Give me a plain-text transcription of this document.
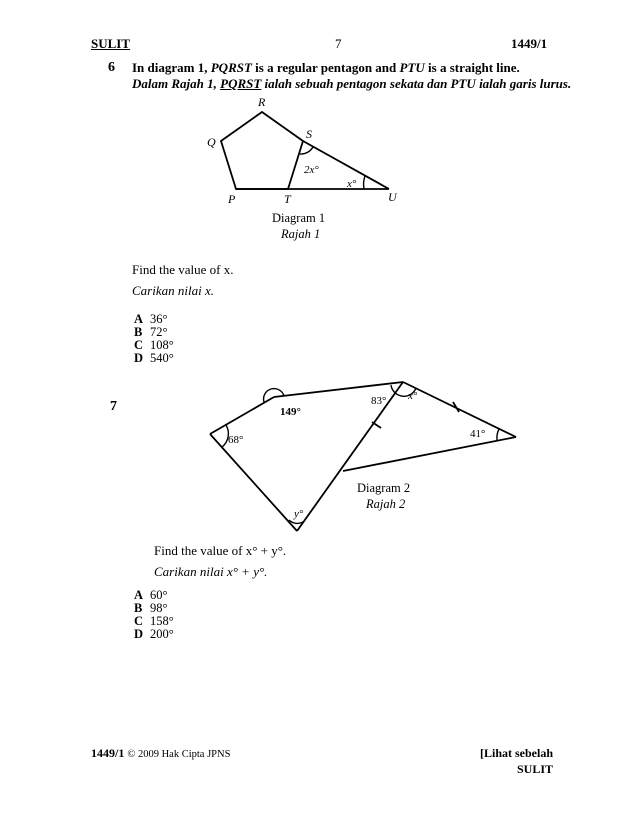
SULIT	7	1449/1
6 In diagram 1, PQRST is a regular pentagon and PTU is a straight line.
Dalam Rajah 1, PQRST ialah sebuah pentagon sekata dan PTU ialah garis lurus.
R
Q
S
P	T	U
2x°
x°
Diagram 1
Rajah 1
149°
83° x°
68°	41°
y°
Diagram 2
Rajah 2
Find the value of x.
Carikan nilai x.
A 36°
B 72°
C 108°
D 540°
7
Find the value of x° + y°.
Carikan nilai x° + y°.
A 60°
B 98°
C 158°
D 200°
1449/1 © 2009 Hak Cipta JPNS	[Lihat sebelah
SULIT
